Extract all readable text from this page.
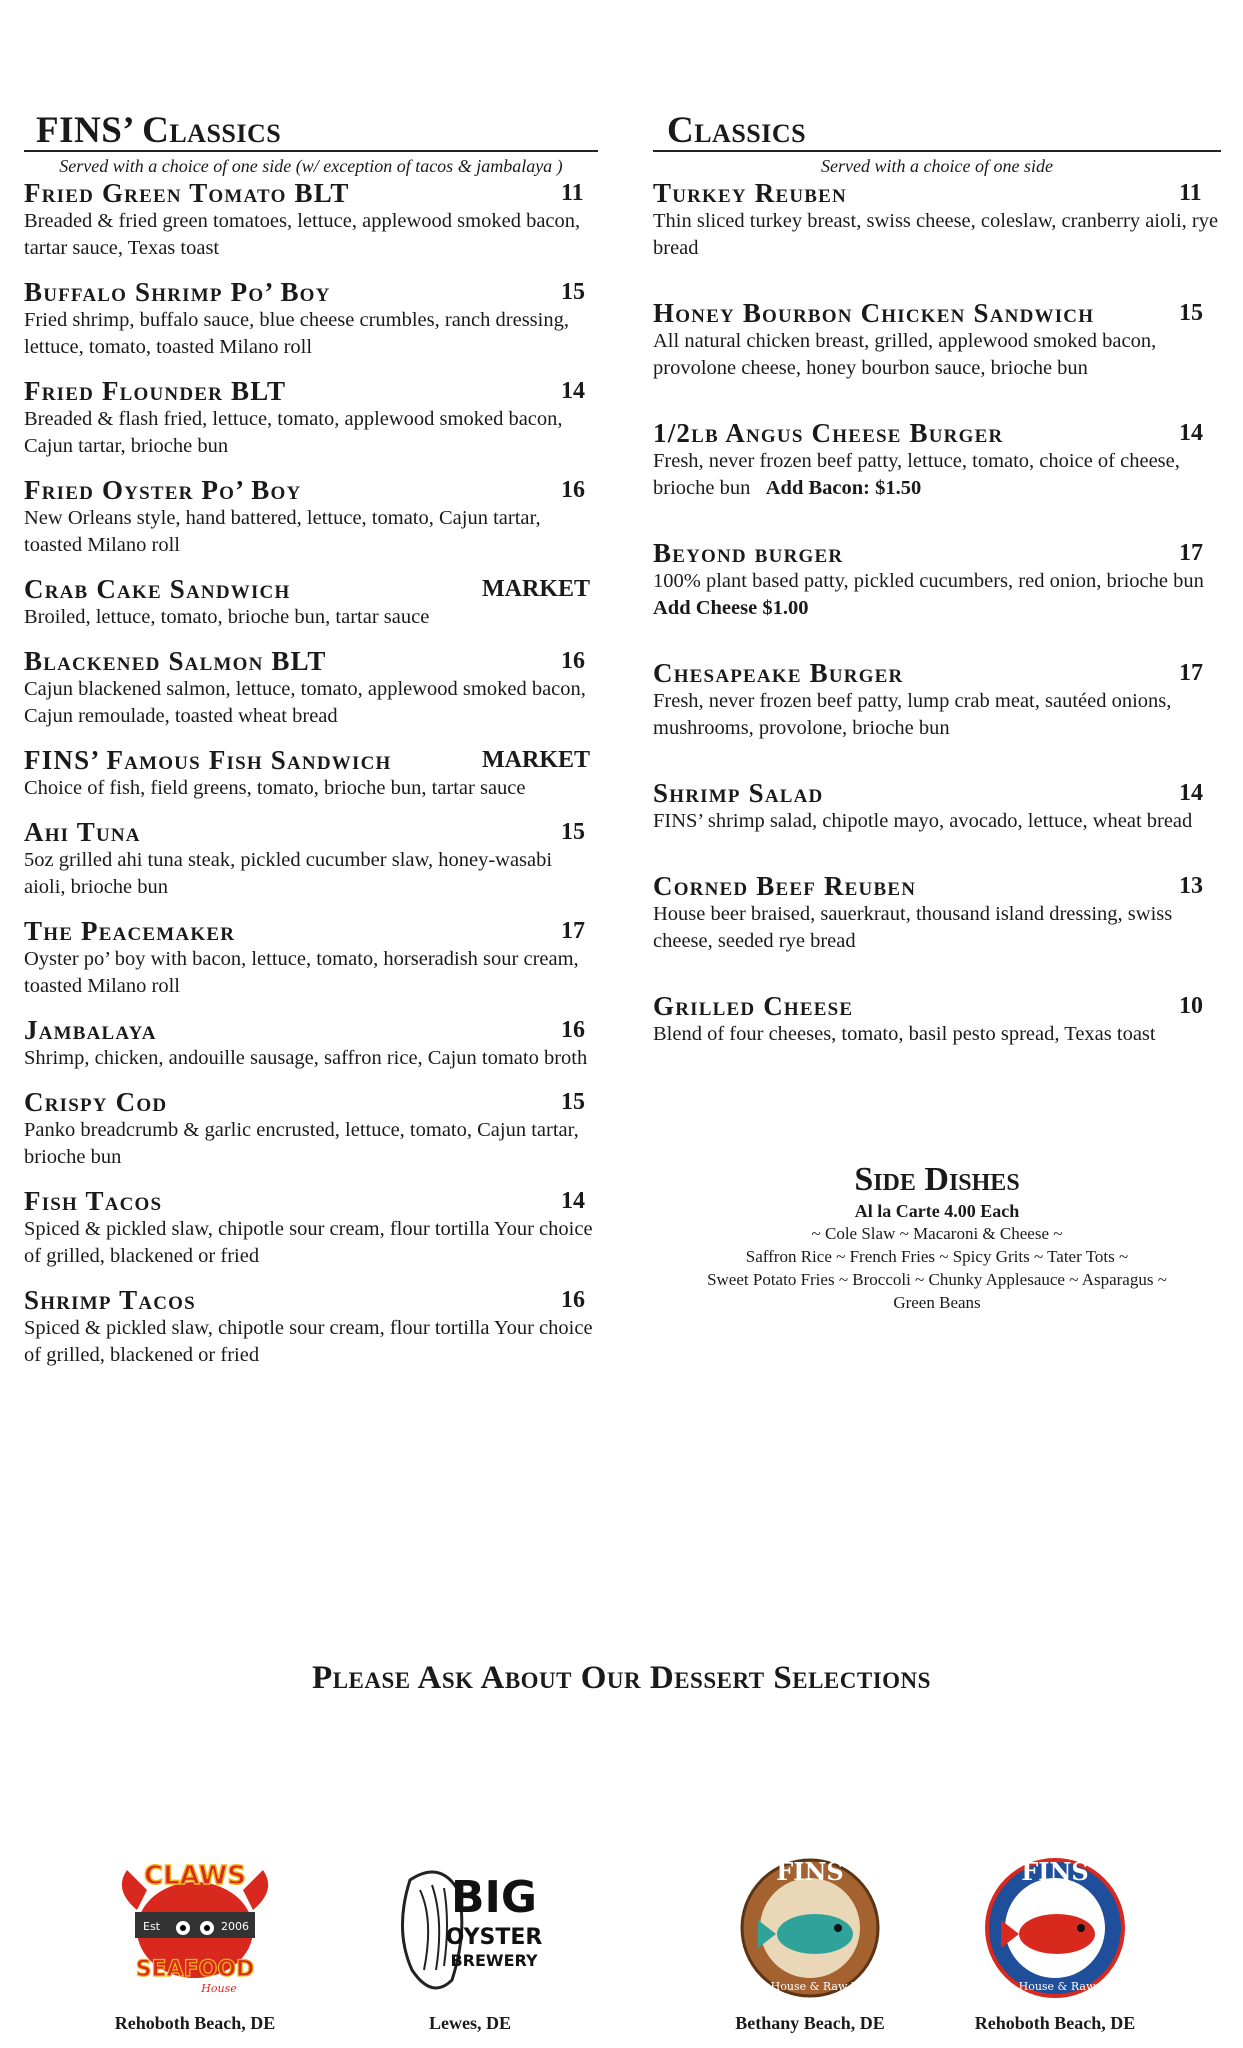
FINS’ Classics
Served with a choice of one side (w/ exception of tacos & jambalaya )
Fried Green Tomato BLT	11
Breaded & fried green tomatoes, lettuce, applewood smoked bacon, tartar sauce, Texas toast
Buffalo Shrimp Po’ Boy	15
Fried shrimp, buffalo sauce, blue cheese crumbles, ranch dressing, lettuce, tomato, toasted Milano roll
Fried Flounder BLT	14
Breaded & flash fried, lettuce, tomato, applewood smoked bacon, Cajun tartar, brioche bun
Fried Oyster Po’ Boy	16
New Orleans style, hand battered, lettuce, tomato, Cajun tartar, toasted Milano roll
Crab Cake Sandwich	MARKET
Broiled, lettuce, tomato, brioche bun, tartar sauce
Blackened Salmon BLT	16
Cajun blackened salmon, lettuce, tomato, applewood smoked bacon, Cajun remoulade, toasted wheat bread
FINS’ Famous Fish Sandwich	MARKET
Choice of fish, field greens, tomato, brioche bun, tartar sauce
Ahi Tuna	15
5oz grilled ahi tuna steak, pickled cucumber slaw, honey-wasabi aioli, brioche bun
The Peacemaker	17
Oyster po’ boy with bacon, lettuce, tomato, horseradish sour cream, toasted Milano roll
Jambalaya	16
Shrimp, chicken, andouille sausage, saffron rice, Cajun tomato broth
Crispy Cod	15
Panko breadcrumb & garlic encrusted, lettuce, tomato, Cajun tartar, brioche bun
Fish Tacos	14
Spiced & pickled slaw, chipotle sour cream, flour tortilla Your choice of grilled, blackened or fried
Shrimp Tacos	16
Spiced & pickled slaw, chipotle sour cream, flour tortilla Your choice of grilled, blackened or fried
Classics
Served with a choice of one side
Turkey Reuben	11
Thin sliced turkey breast, swiss cheese, coleslaw, cranberry aioli, rye bread
Honey Bourbon Chicken Sandwich	15
All natural chicken breast, grilled, applewood smoked bacon, provolone cheese, honey bourbon sauce, brioche bun
1/2lb Angus Cheese Burger	14
Fresh, never frozen beef patty, lettuce, tomato, choice of cheese, brioche bun Add Bacon: $1.50
Beyond burger	17
100% plant based patty, pickled cucumbers, red onion, brioche bun   Add Cheese $1.00
Chesapeake Burger	17
Fresh, never frozen beef patty, lump crab meat, sautéed onions, mushrooms, provolone, brioche bun
Shrimp Salad	14
FINS’ shrimp salad, chipotle mayo, avocado, lettuce, wheat bread
Corned Beef Reuben	13
House beer braised, sauerkraut, thousand island dressing, swiss cheese, seeded rye bread
Grilled Cheese	10
Blend of four cheeses, tomato, basil pesto spread, Texas toast
Side Dishes
Al la Carte 4.00 Each
~ Cole Slaw ~ Macaroni & Cheese ~
Saffron Rice ~ French Fries ~ Spicy Grits ~ Tater Tots ~
Sweet Potato Fries ~ Broccoli ~ Chunky Applesauce ~ Asparagus ~
Green Beans
Please Ask About Our Dessert Selections
Est	2006
CLAWS
SEAFOOD
House
Rehoboth Beach, DE
BIG
OYSTER
BREWERY
Lewes, DE
FINS
Ale House & Raw Bar
Bethany Beach, DE
FINS
Fish House & Raw Bar
Rehoboth Beach, DE
